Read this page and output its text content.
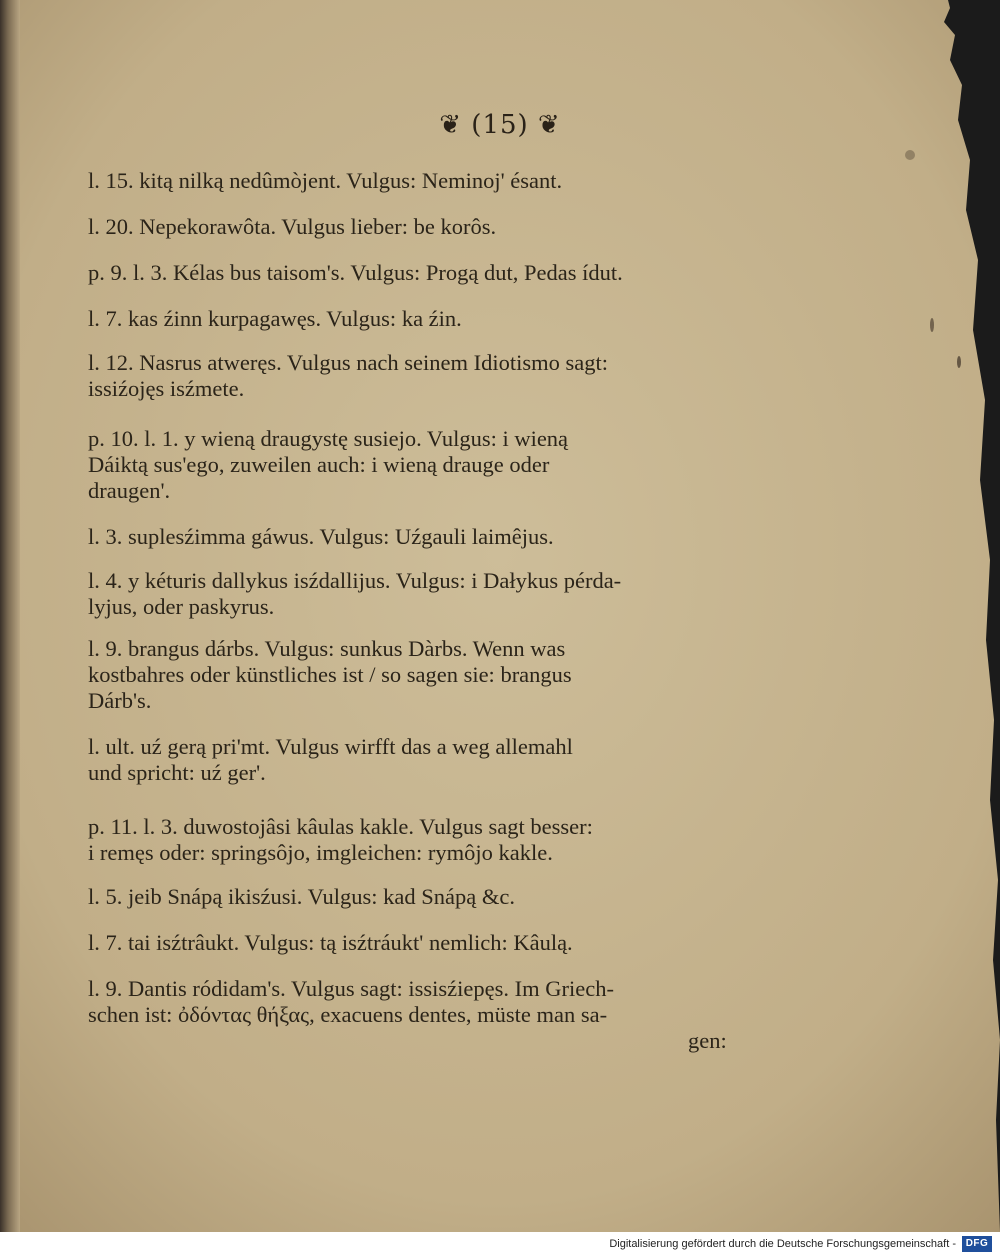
❦ (15) ❦

l. 15. kitą nilką nedûmòjent. Vulgus: Neminoj' ésant.

l. 20. Nepekorawôta. Vulgus lieber: be korôs.

p. 9. l. 3. Kélas bus taisom's. Vulgus: Progą dut, Pedas ídut.

l. 7. kas źinn kurpagawęs. Vulgus: ka źin.

l. 12. Nasrus atweręs. Vulgus nach seinem Idiotismo sagt:
issiźojęs isźmete.

p. 10. l. 1. y wieną draugystę susiejo. Vulgus: i wieną
Dáiktą sus'ego, zuweilen auch: i wieną drauge oder
draugen'.

l. 3. suplesźimma gáwus. Vulgus: Uźgauli laimêjus.

l. 4. y kéturis dallykus isźdallijus. Vulgus: i Dałykus pérda-
lyjus, oder paskyrus.

l. 9. brangus dárbs. Vulgus: sunkus Dàrbs. Wenn was
kostbahres oder künstliches ist / so sagen sie: brangus
Dárb's.

l. ult. uź gerą pri'mt. Vulgus wirfft das a weg allemahl
und spricht: uź ger'.

p. 11. l. 3. duwostojâsi kâulas kakle. Vulgus sagt besser:
i remęs oder: springsôjo, imgleichen: rymôjo kakle.

l. 5. jeib Snápą ikisźusi. Vulgus: kad Snápą &c.

l. 7. tai isźtrâukt. Vulgus: tą isźtráukt' nemlich: Kâulą.

l. 9. Dantis ródidam's. Vulgus sagt: issisźiepęs. Im Griech-
schen ist: ὀδόντας θήξας, exacuens dentes, müste man sa-
gen:

Digitalisierung gefördert durch die Deutsche Forschungsgemeinschaft - DFG
